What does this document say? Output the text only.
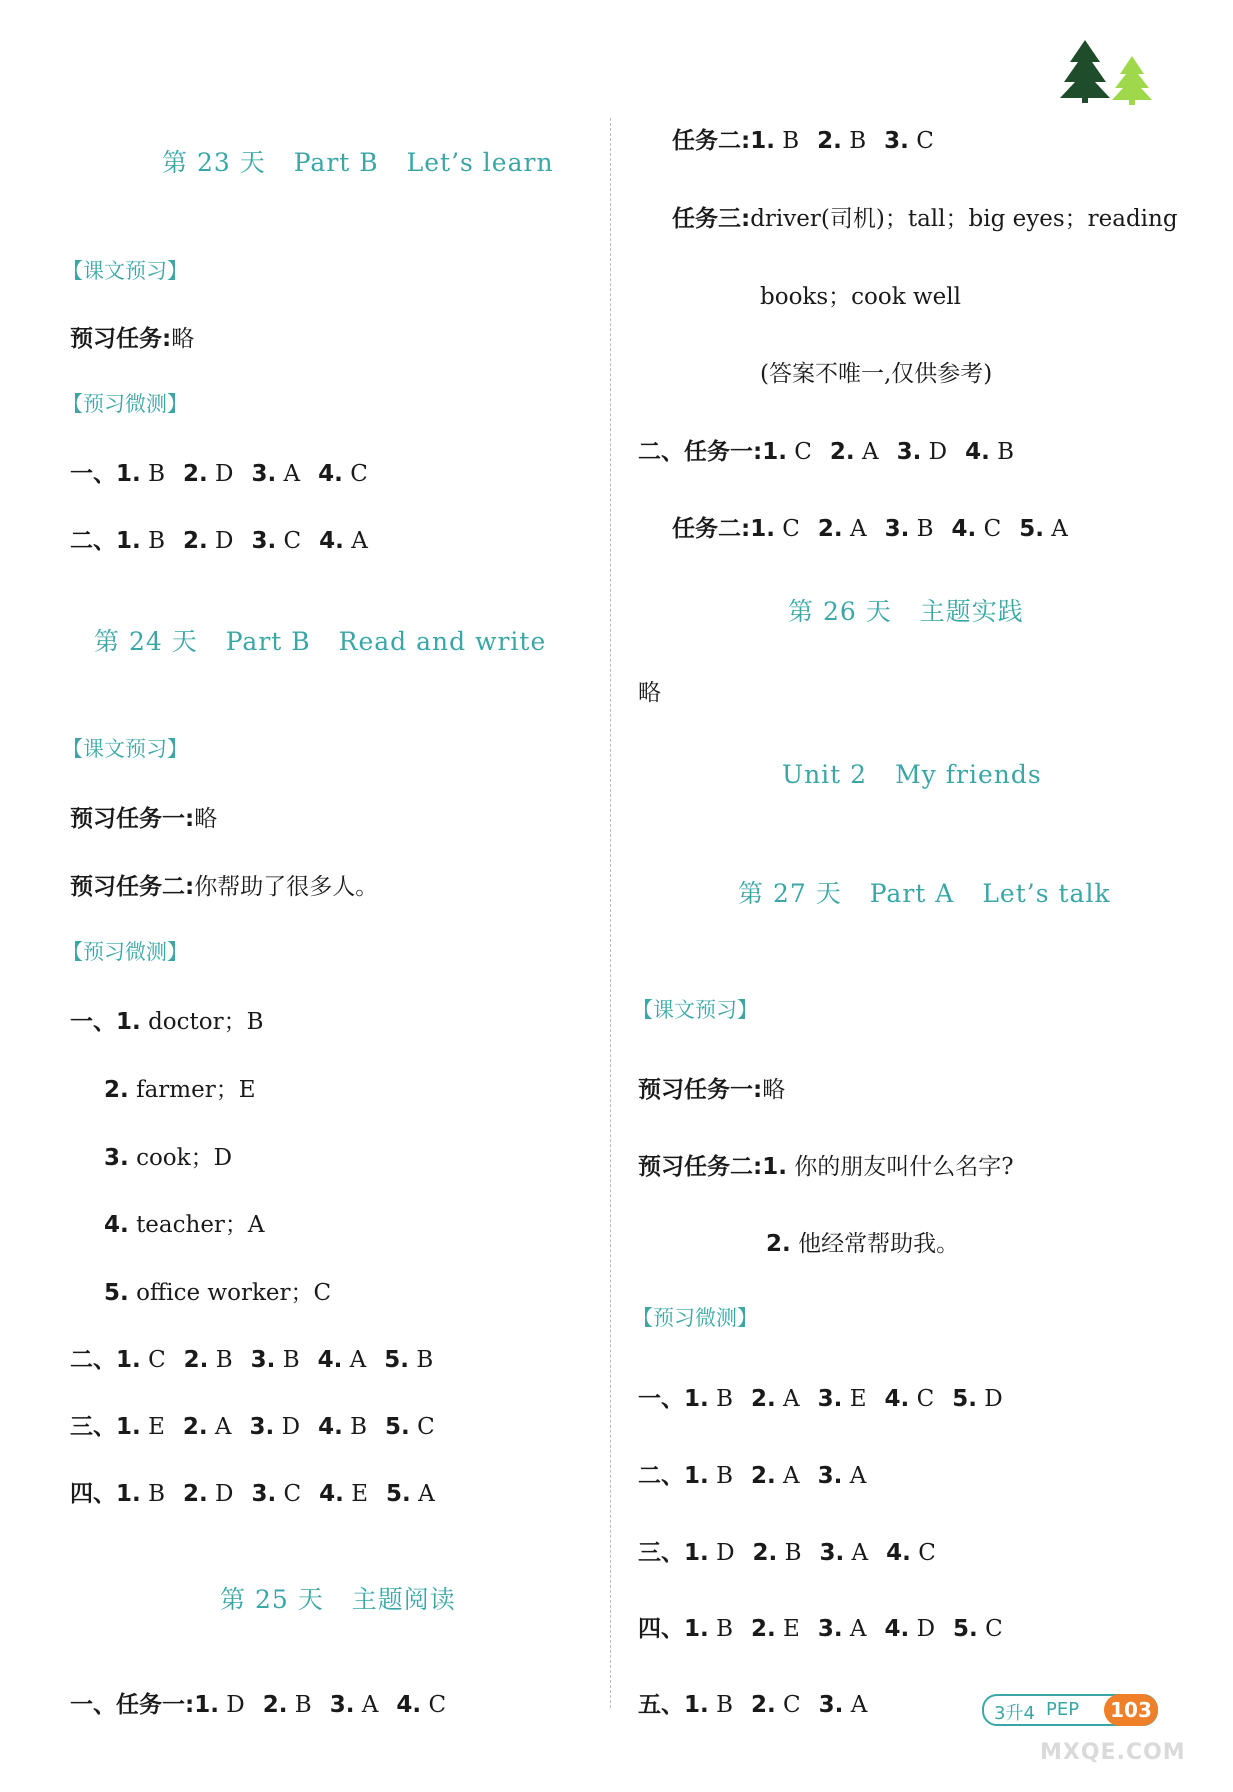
第 23 天 Part B Let’s learn
【课文预习】
预习任务:略
【预习微测】
一、1. B 2. D 3. A 4. C
二、1. B 2. D 3. C 4. A
第 24 天 Part B Read and write
【课文预习】
预习任务一:略
预习任务二:你帮助了很多人。
【预习微测】
一、1. doctor；B
2. farmer；E
3. cook；D
4. teacher；A
5. office worker；C
二、1. C 2. B 3. B 4. A 5. B
三、1. E 2. A 3. D 4. B 5. C
四、1. B 2. D 3. C 4. E 5. A
第 25 天 主题阅读
一、任务一:1. D 2. B 3. A 4. C
任务二:1. B 2. B 3. C
任务三:driver(司机)；tall；big eyes；reading
books；cook well
(答案不唯一,仅供参考)
二、任务一:1. C 2. A 3. D 4. B
任务二:1. C 2. A 3. B 4. C 5. A
第 26 天 主题实践
略
Unit 2 My friends
第 27 天 Part A Let’s talk
【课文预习】
预习任务一:略
预习任务二:1. 你的朋友叫什么名字?
2. 他经常帮助我。
【预习微测】
一、1. B 2. A 3. E 4. C 5. D
二、1. B 2. A 3. A
三、1. D 2. B 3. A 4. C
四、1. B 2. E 3. A 4. D 5. C
五、1. B 2. C 3. A	3升4 PEP	103
MXQE.COM
